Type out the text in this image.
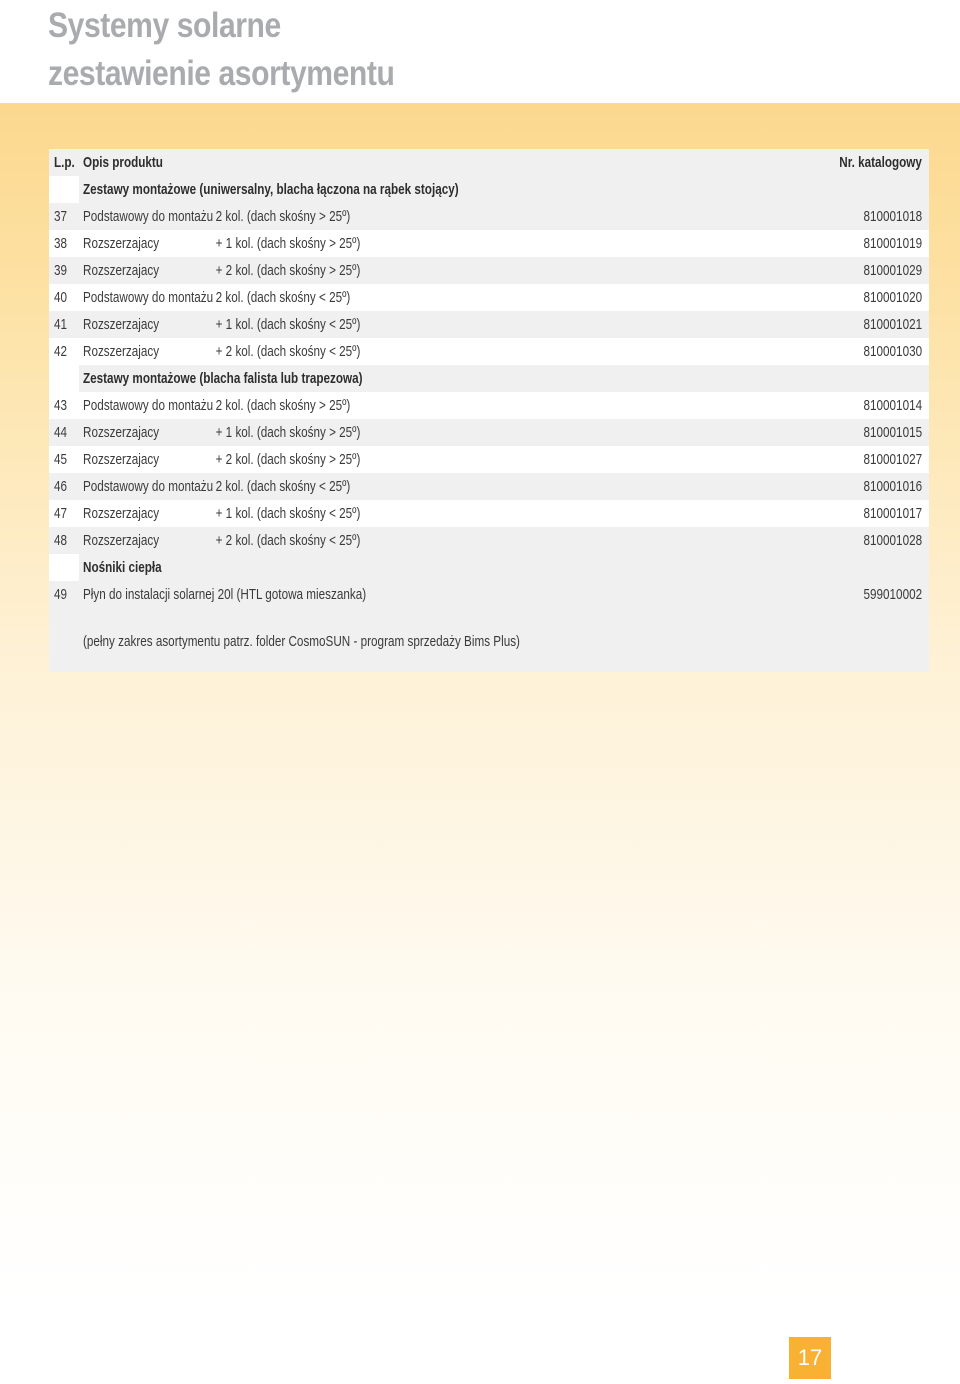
Systemy solarne
zestawienie asortymentu
L.p. Opis produktu	Nr. katalogowy
Zestawy montażowe (uniwersalny, blacha łączona na rąbek stojący)
37 Podstawowy do montażu 2 kol. (dach skośny > 25º)	810001018
38 Rozszerzajacy	+ 1 kol. (dach skośny > 25º)	810001019
39 Rozszerzajacy	+ 2 kol. (dach skośny > 25º)	810001029
40 Podstawowy do montażu 2 kol. (dach skośny < 25º)	810001020
41 Rozszerzajacy	+ 1 kol. (dach skośny < 25º)	810001021
42 Rozszerzajacy	+ 2 kol. (dach skośny < 25º)	810001030
Zestawy montażowe (blacha falista lub trapezowa)
43 Podstawowy do montażu 2 kol. (dach skośny > 25º)	810001014
44 Rozszerzajacy	+ 1 kol. (dach skośny > 25º)	810001015
45 Rozszerzajacy	+ 2 kol. (dach skośny > 25º)	810001027
46 Podstawowy do montażu 2 kol. (dach skośny < 25º)	810001016
47 Rozszerzajacy	+ 1 kol. (dach skośny < 25º)	810001017
48 Rozszerzajacy	+ 2 kol. (dach skośny < 25º)	810001028
Nośniki ciepła
49 Płyn do instalacji solarnej 20l (HTL gotowa mieszanka)	599010002
(pełny zakres asortymentu patrz. folder CosmoSUN - program sprzedaży Bims Plus)
17
